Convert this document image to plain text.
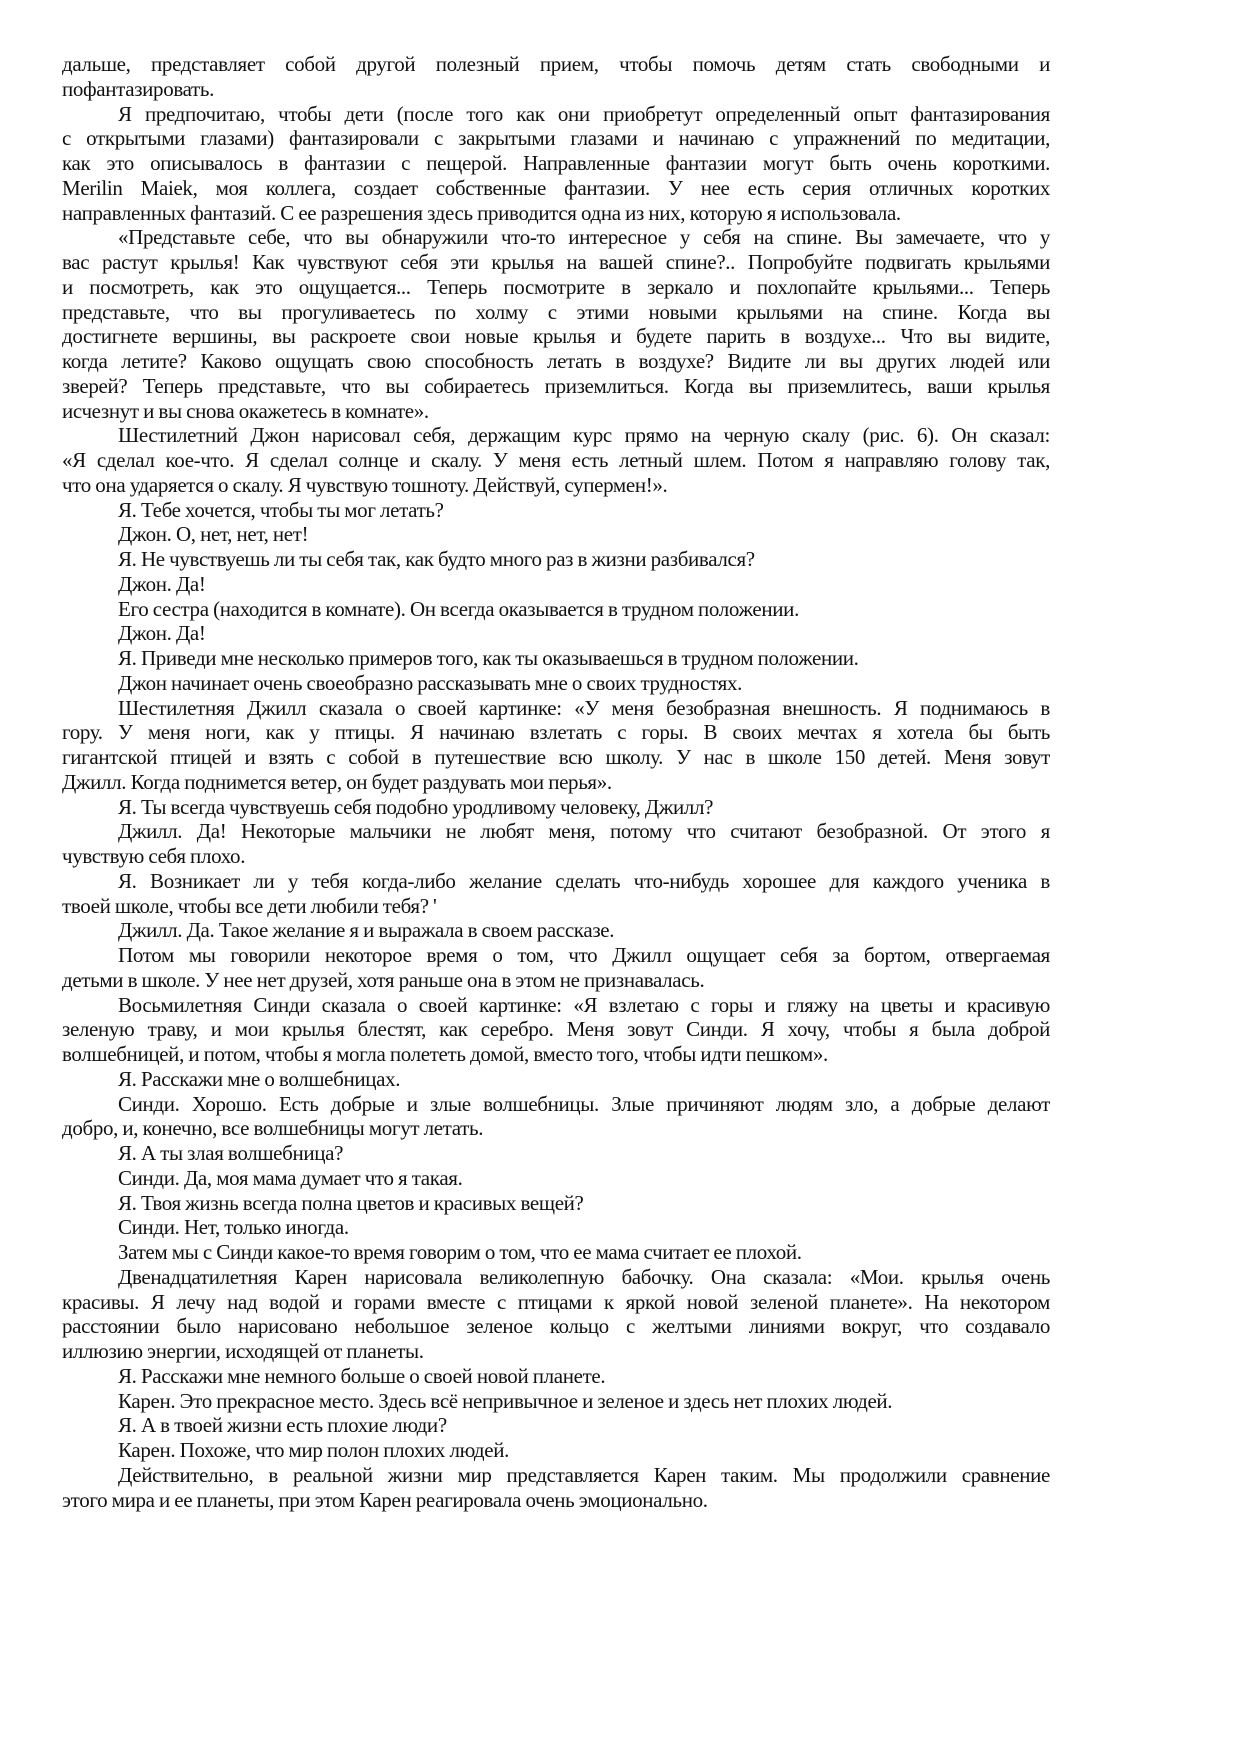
дальше, представляет собой другой полезный прием, чтобы помочь детям стать свободными и
пофантазировать.
Я предпочитаю, чтобы дети (после того как они приобретут определенный опыт фантазирования
с открытыми глазами) фантазировали с закрытыми глазами и начинаю с упражнений по медитации,
как это описывалось в фантазии с пещерой. Направленные фантазии могут быть очень короткими.
Merilin Maiek, моя коллега, создает собственные фантазии. У нее есть серия отличных коротких
направленных фантазий. С ее разрешения здесь приводится одна из них, которую я использовала.
«Представьте себе, что вы обнаружили что-то интересное у себя на спине. Вы замечаете, что у
вас растут крылья! Как чувствуют себя эти крылья на вашей спине?.. Попробуйте подвигать крыльями
и посмотреть, как это ощущается... Теперь посмотрите в зеркало и похлопайте крыльями... Теперь
представьте, что вы прогуливаетесь по холму с этими новыми крыльями на спине. Когда вы
достигнете вершины, вы раскроете свои новые крылья и будете парить в воздухе... Что вы видите,
когда летите? Каково ощущать свою способность летать в воздухе? Видите ли вы других людей или
зверей? Теперь представьте, что вы собираетесь приземлиться. Когда вы приземлитесь, ваши крылья
исчезнут и вы снова окажетесь в комнате».
Шестилетний Джон нарисовал себя, держащим курс прямо на черную скалу (рис. 6). Он сказал:
«Я сделал кое-что. Я сделал солнце и скалу. У меня есть летный шлем. Потом я направляю голову так,
что она ударяется о скалу. Я чувствую тошноту. Действуй, супермен!».
Я. Тебе хочется, чтобы ты мог летать?
Джон. О, нет, нет, нет!
Я. Не чувствуешь ли ты себя так, как будто много раз в жизни разбивался?
Джон. Да!
Его сестра (находится в комнате). Он всегда оказывается в трудном положении.
Джон. Да!
Я. Приведи мне несколько примеров того, как ты оказываешься в трудном положении.
Джон начинает очень своеобразно рассказывать мне о своих трудностях.
Шестилетняя Джилл сказала о своей картинке: «У меня безобразная внешность. Я поднимаюсь в
гору. У меня ноги, как у птицы. Я начинаю взлетать с горы. В своих мечтах я хотела бы быть
гигантской птицей и взять с собой в путешествие всю школу. У нас в школе 150 детей. Меня зовут
Джилл. Когда поднимется ветер, он будет раздувать мои перья».
Я. Ты всегда чувствуешь себя подобно уродливому человеку, Джилл?
Джилл. Да! Некоторые мальчики не любят меня, потому что считают безобразной. От этого я
чувствую себя плохо.
Я. Возникает ли у тебя когда-либо желание сделать что-нибудь хорошее для каждого ученика в
твоей школе, чтобы все дети любили тебя? '
Джилл. Да. Такое желание я и выражала в своем рассказе.
Потом мы говорили некоторое время о том, что Джилл ощущает себя за бортом, отвергаемая
детьми в школе. У нее нет друзей, хотя раньше она в этом не признавалась.
Восьмилетняя Синди сказала о своей картинке: «Я взлетаю с горы и гляжу на цветы и красивую
зеленую траву, и мои крылья блестят, как серебро. Меня зовут Синди. Я хочу, чтобы я была доброй
волшебницей, и потом, чтобы я могла полететь домой, вместо того, чтобы идти пешком».
Я. Расскажи мне о волшебницах.
Синди. Хорошо. Есть добрые и злые волшебницы. Злые причиняют людям зло, а добрые делают
добро, и, конечно, все волшебницы могут летать.
Я. А ты злая волшебница?
Синди. Да, моя мама думает что я такая.
Я. Твоя жизнь всегда полна цветов и красивых вещей?
Синди. Нет, только иногда.
Затем мы с Синди какое-то время говорим о том, что ее мама считает ее плохой.
Двенадцатилетняя Карен нарисовала великолепную бабочку. Она сказала: «Мои. крылья очень
красивы. Я лечу над водой и горами вместе с птицами к яркой новой зеленой планете». На некотором
расстоянии было нарисовано небольшое зеленое кольцо с желтыми линиями вокруг, что создавало
иллюзию энергии, исходящей от планеты.
Я. Расскажи мне немного больше о своей новой планете.
Карен. Это прекрасное место. Здесь всё непривычное и зеленое и здесь нет плохих людей.
Я. А в твоей жизни есть плохие люди?
Карен. Похоже, что мир полон плохих людей.
Действительно, в реальной жизни мир представляется Карен таким. Мы продолжили сравнение
этого мира и ее планеты, при этом Карен реагировала очень эмоционально.
